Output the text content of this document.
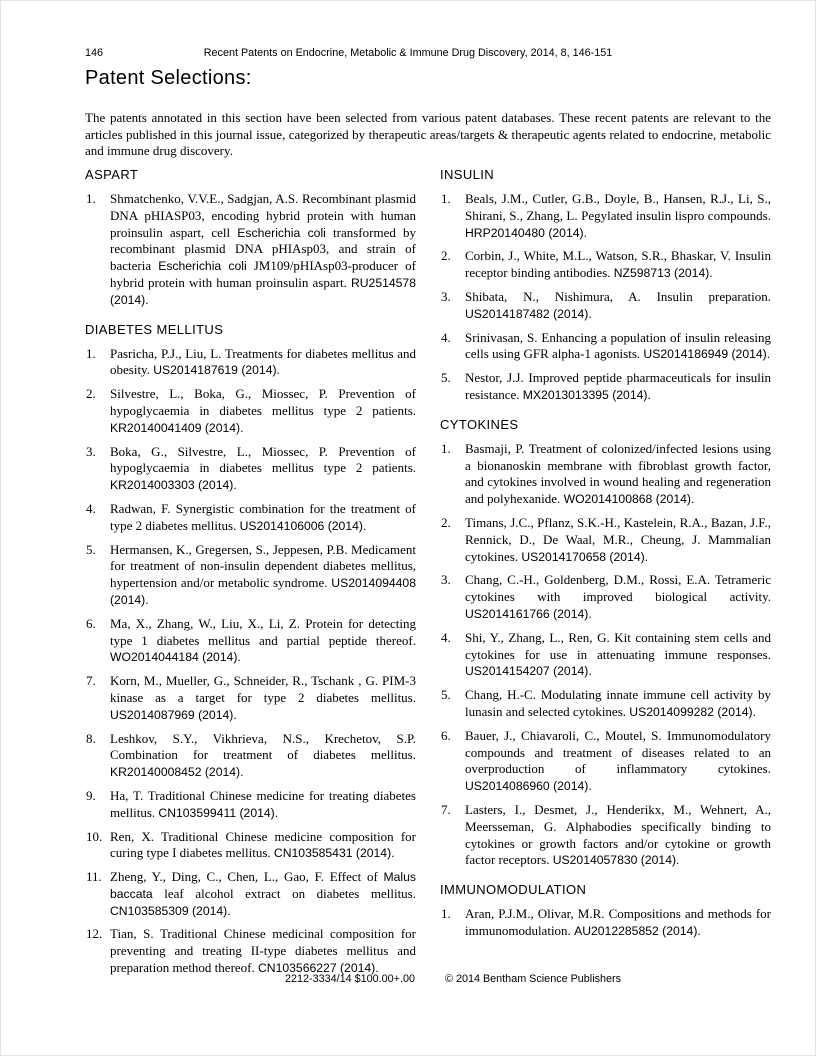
146	Recent Patents on Endocrine, Metabolic & Immune Drug Discovery, 2014, 8, 146-151
Patent Selections:

The patents annotated in this section have been selected from various patent databases. These recent patents are relevant to the articles published in this journal issue, categorized by therapeutic areas/targets & therapeutic agents related to endocrine, metabolic and immune drug discovery.

ASPART
1. Shmatchenko, V.V.E., Sadgjan, A.S. Recombinant plasmid DNA pHIASP03, encoding hybrid protein with human proinsulin aspart, cell Escherichia coli transformed by recombinant plasmid DNA pHIAsp03, and strain of bacteria Escherichia coli JM109/pHIAsp03-producer of hybrid protein with human proinsulin aspart. RU2514578 (2014).
DIABETES MELLITUS
1. Pasricha, P.J., Liu, L. Treatments for diabetes mellitus and obesity. US2014187619 (2014).
2. Silvestre, L., Boka, G., Miossec, P. Prevention of hypoglycaemia in diabetes mellitus type 2 patients. KR20140041409 (2014).
3. Boka, G., Silvestre, L., Miossec, P. Prevention of hypoglycaemia in diabetes mellitus type 2 patients. KR2014003303 (2014).
4. Radwan, F. Synergistic combination for the treatment of type 2 diabetes mellitus. US2014106006 (2014).
5. Hermansen, K., Gregersen, S., Jeppesen, P.B. Medicament for treatment of non-insulin dependent diabetes mellitus, hypertension and/or metabolic syndrome. US2014094408 (2014).
6. Ma, X., Zhang, W., Liu, X., Li, Z. Protein for detecting type 1 diabetes mellitus and partial peptide thereof. WO2014044184 (2014).
7. Korn, M., Mueller, G., Schneider, R., Tschank , G. PIM-3 kinase as a target for type 2 diabetes mellitus. US2014087969 (2014).
8. Leshkov, S.Y., Vikhrieva, N.S., Krechetov, S.P. Combination for treatment of diabetes mellitus. KR20140008452 (2014).
9. Ha, T. Traditional Chinese medicine for treating diabetes mellitus. CN103599411 (2014).
10. Ren, X. Traditional Chinese medicine composition for curing type I diabetes mellitus. CN103585431 (2014).
11. Zheng, Y., Ding, C., Chen, L., Gao, F. Effect of Malus baccata leaf alcohol extract on diabetes mellitus. CN103585309 (2014).
12. Tian, S. Traditional Chinese medicinal composition for preventing and treating II-type diabetes mellitus and preparation method thereof. CN103566227 (2014).
INSULIN
1. Beals, J.M., Cutler, G.B., Doyle, B., Hansen, R.J., Li, S., Shirani, S., Zhang, L. Pegylated insulin lispro compounds. HRP20140480 (2014).
2. Corbin, J., White, M.L., Watson, S.R., Bhaskar, V. Insulin receptor binding antibodies. NZ598713 (2014).
3. Shibata, N., Nishimura, A. Insulin preparation. US2014187482 (2014).
4. Srinivasan, S. Enhancing a population of insulin releasing cells using GFR alpha-1 agonists. US2014186949 (2014).
5. Nestor, J.J. Improved peptide pharmaceuticals for insulin resistance. MX2013013395 (2014).
CYTOKINES
1. Basmaji, P. Treatment of colonized/infected lesions using a bionanoskin membrane with fibroblast growth factor, and cytokines involved in wound healing and regeneration and polyhexanide. WO2014100868 (2014).
2. Timans, J.C., Pflanz, S.K.-H., Kastelein, R.A., Bazan, J.F., Rennick, D., De Waal, M.R., Cheung, J. Mammalian cytokines. US2014170658 (2014).
3. Chang, C.-H., Goldenberg, D.M., Rossi, E.A. Tetrameric cytokines with improved biological activity. US2014161766 (2014).
4. Shi, Y., Zhang, L., Ren, G. Kit containing stem cells and cytokines for use in attenuating immune responses. US2014154207 (2014).
5. Chang, H.-C. Modulating innate immune cell activity by lunasin and selected cytokines. US2014099282 (2014).
6. Bauer, J., Chiavaroli, C., Moutel, S. Immunomodulatory compounds and treatment of diseases related to an overproduction of inflammatory cytokines. US2014086960 (2014).
7. Lasters, I., Desmet, J., Henderikx, M., Wehnert, A., Meersseman, G. Alphabodies specifically binding to cytokines or growth factors and/or cytokine or growth factor receptors. US2014057830 (2014).
IMMUNOMODULATION
1. Aran, P.J.M., Olivar, M.R. Compositions and methods for immunomodulation. AU2012285852 (2014).
2212-3334/14 $100.00+.00	© 2014 Bentham Science Publishers
